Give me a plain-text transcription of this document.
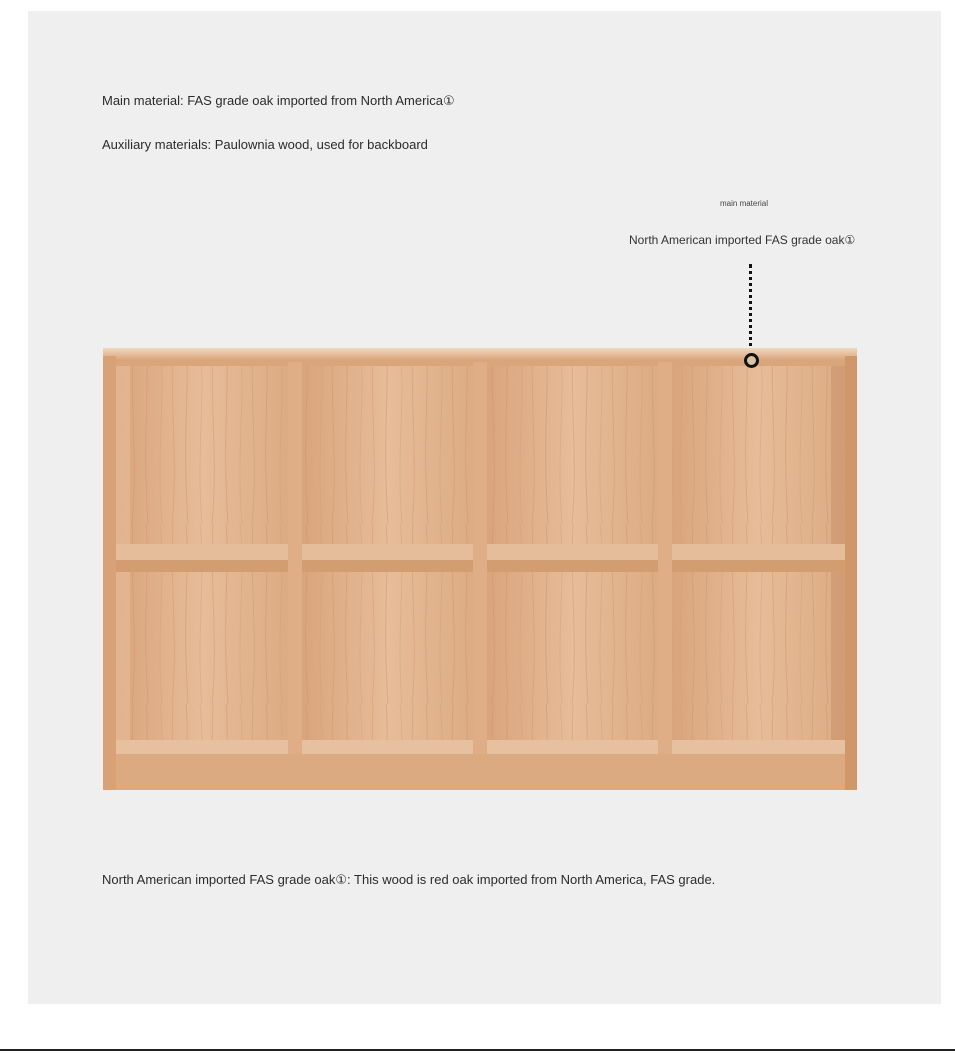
Main material: FAS grade oak imported from North America①
Auxiliary materials: Paulownia wood, used for backboard
main material
North American imported FAS grade oak①
North American imported FAS grade oak①: This wood is red oak imported from North America, FAS grade.
